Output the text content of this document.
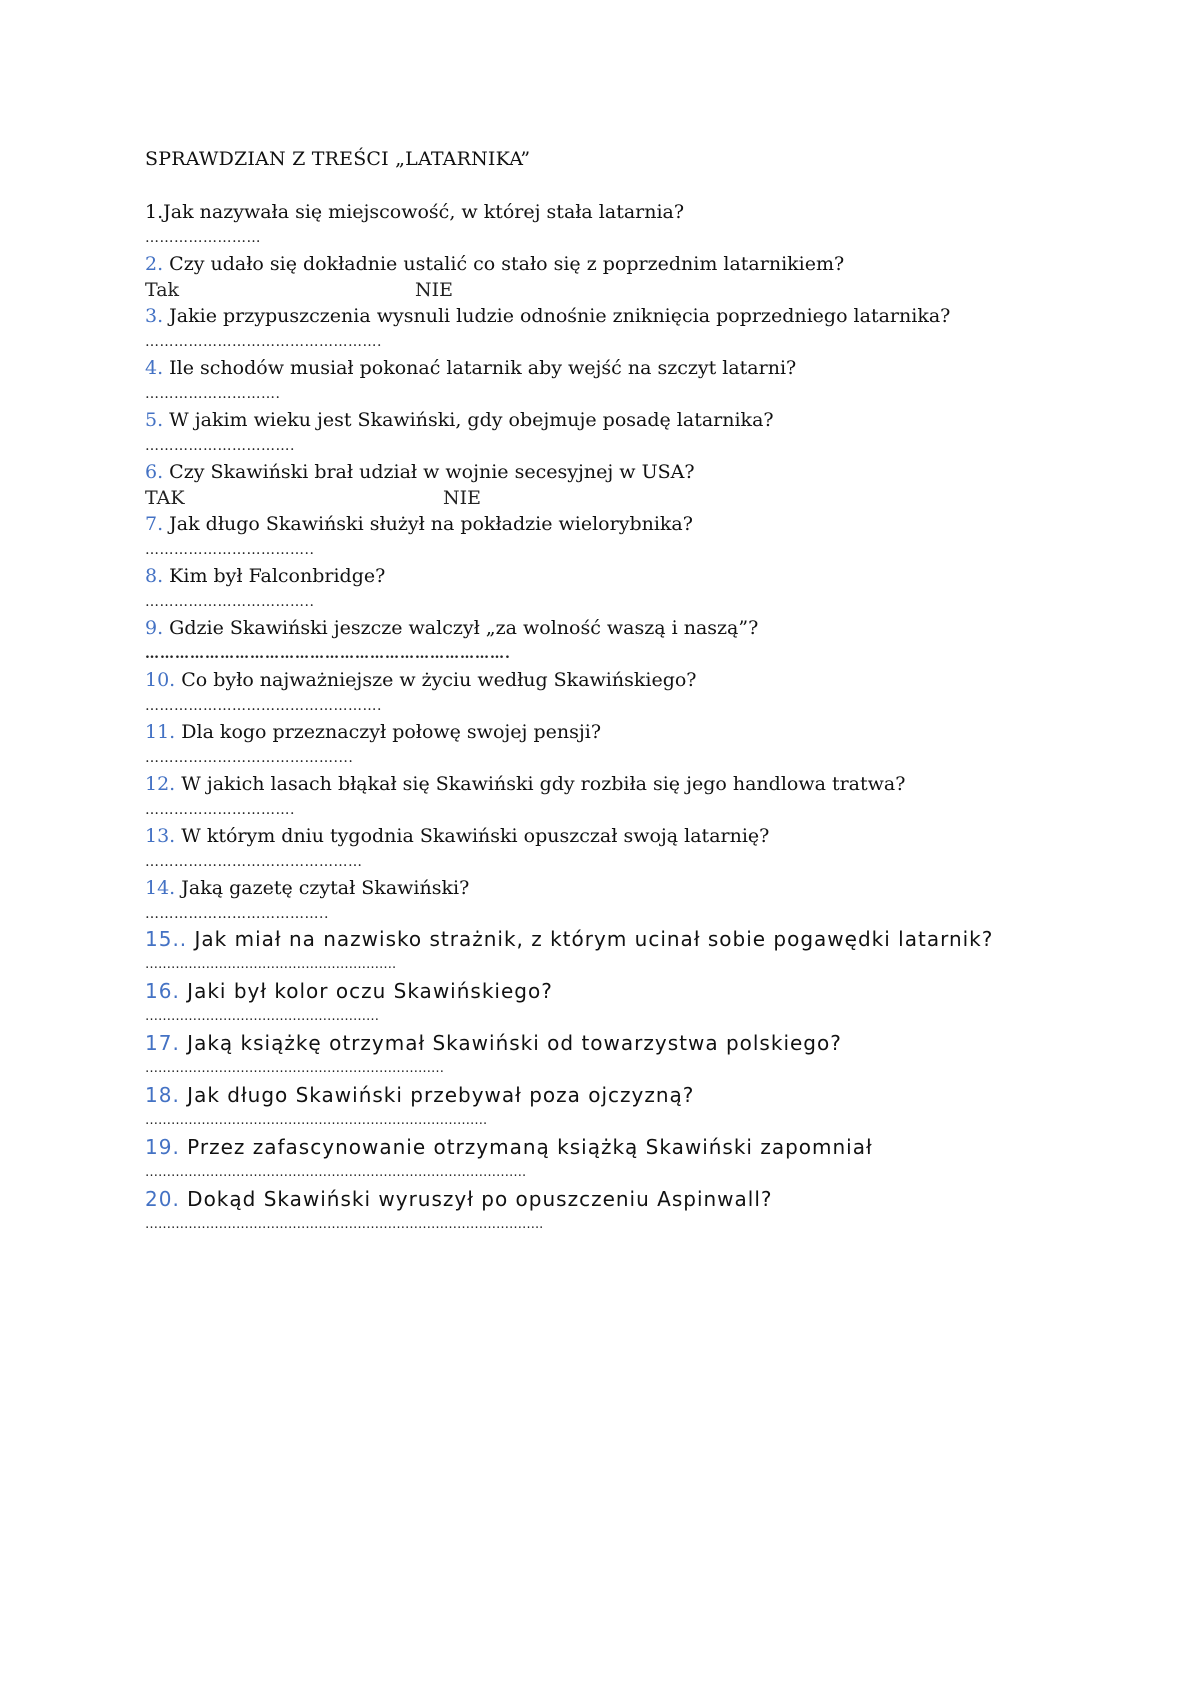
SPRAWDZIAN Z TREŚCI „LATARNIKA”
1.Jak nazywała się miejscowość, w której stała latarnia?
……………………
2. Czy udało się dokładnie ustalić co stało się z poprzednim latarnikiem?
Tak	NIE
3. Jakie przypuszczenia wysnuli ludzie odnośnie zniknięcia poprzedniego latarnika?
………………………………………….
4. Ile schodów musiał pokonać latarnik aby wejść na szczyt latarni?
……………………….
5. W jakim wieku jest Skawiński, gdy obejmuje posadę latarnika?
………………………….
6. Czy Skawiński brał udział w wojnie secesyjnej w USA?
TAK	NIE
7. Jak długo Skawiński służył na pokładzie wielorybnika?
……………………………..
8. Kim był Falconbridge?
……………………………..
9. Gdzie Skawiński jeszcze walczył „za wolność waszą i naszą”?
……………………………………………………………….
10. Co było najważniejsze w życiu według Skawińskiego?
………………………………………….
11. Dla kogo przeznaczył połowę swojej pensji?
…………………………………....
12. W jakich lasach błąkał się Skawiński gdy rozbiła się jego handlowa tratwa?
………………………….
13. W którym dniu tygodnia Skawiński opuszczał swoją latarnię?
………………………………………
14. Jaką gazetę czytał Skawiński?
………………………………..
15.. Jak miał na nazwisko strażnik, z którym ucinał sobie pogawędki latarnik?
………………………………………………….
16. Jaki był kolor oczu Skawińskiego?
………………………………………………
17. Jaką książkę otrzymał Skawiński od towarzystwa polskiego?
……………………………………………………………
18. Jak długo Skawiński przebywał poza ojczyzną?
…………………………………………………………………….
19. Przez zafascynowanie otrzymaną książką Skawiński zapomniał
…………………………………………………………………………….
20. Dokąd Skawiński wyruszył po opuszczeniu Aspinwall?
………………………………………………………………………………..
